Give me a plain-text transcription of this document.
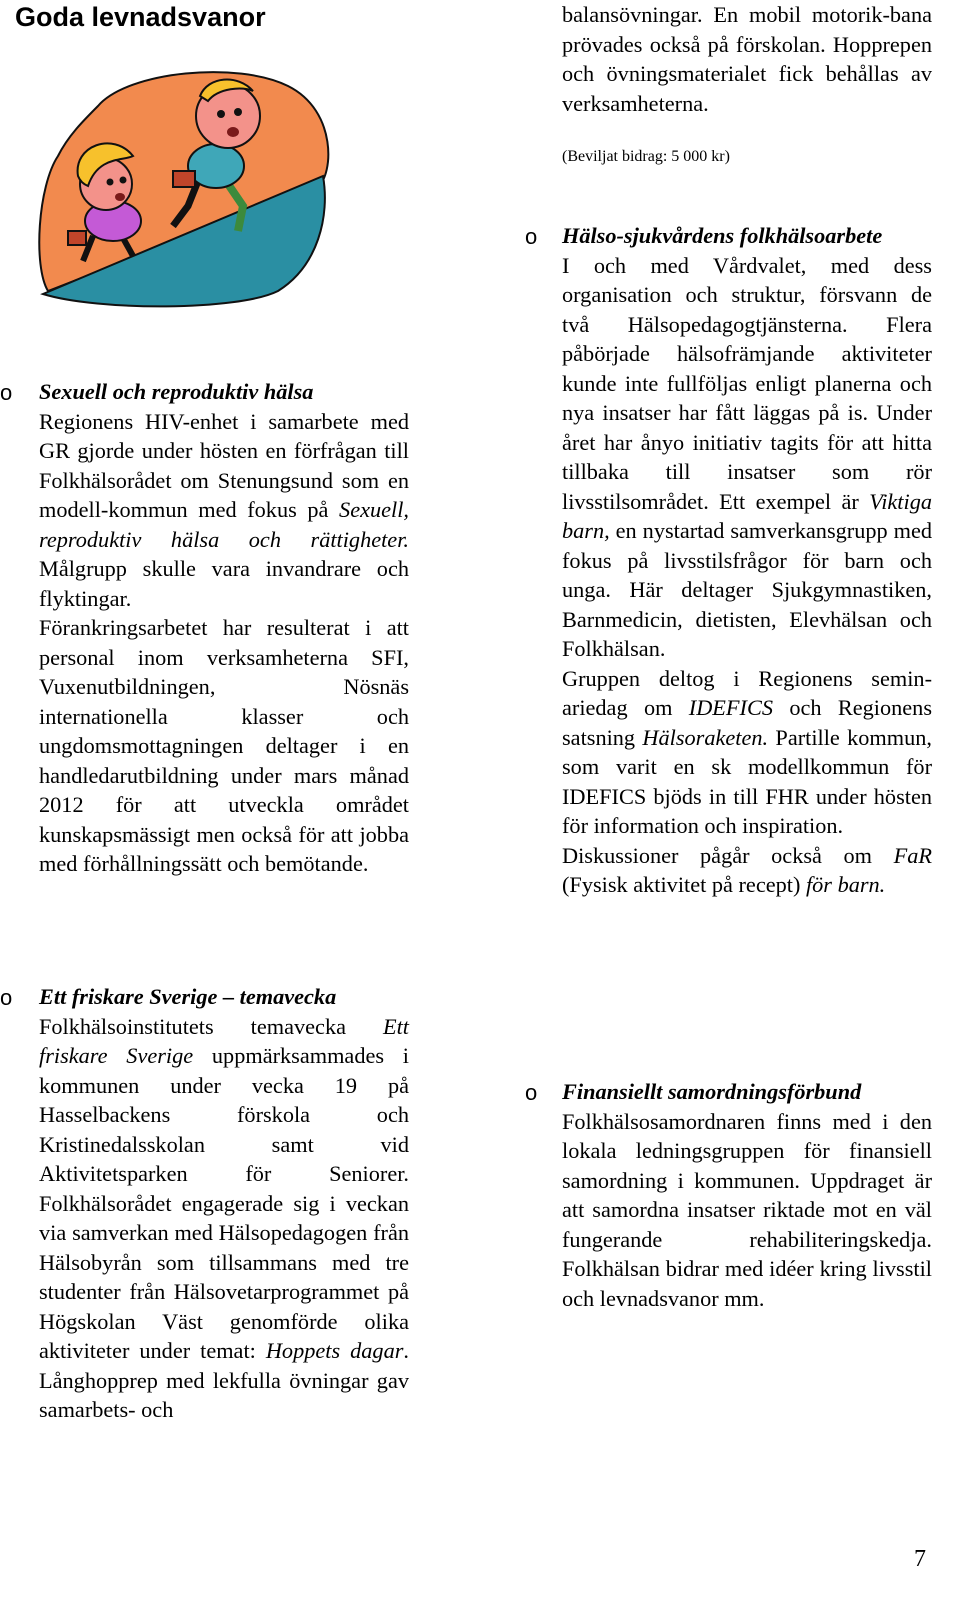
Goda levnadsvanor
o Sexuell och reproduktiv hälsa

Regionens HIV-enhet i samarbete med GR gjorde under hösten en förfrågan till Folkhälsorådet om Stenungsund som en modell-kommun med fokus på Sexuell, reproduktiv hälsa och rättigheter. Målgrupp skulle vara invandrare och flyktingar.

Förankringsarbetet har resulterat i att personal inom verksamheterna SFI, Vuxenutbildningen, Nösnäs internationella klasser och ungdomsmottagningen deltager i en handledarutbildning under mars månad 2012 för att utveckla området kunskapsmässigt men också för att jobba med förhållningssätt och bemötande.

o Ett friskare Sverige – temavecka

Folkhälsoinstitutets temavecka Ett friskare Sverige uppmärksammades i kommunen under vecka 19 på Hasselbackens förskola och Kristinedalsskolan samt vid Aktivitetsparken för Seniorer. Folkhälsorådet engagerade sig i veckan via samverkan med Hälsopedagogen från Hälsobyrån som tillsammans med tre studenter från Hälsovetarprogrammet på Högskolan Väst genomförde olika aktiviteter under temat: Hoppets dagar. Långhopprep med lekfulla övningar gav samarbets- och

balansövningar. En mobil motorik-bana prövades också på förskolan. Hopprepen och övningsmaterialet fick behållas av verksamheterna.

(Beviljat bidrag: 5 000 kr)
o Hälso-sjukvårdens folkhälsoarbete

I och med Vårdvalet, med dess organisation och struktur, försvann de två Hälsopedagogtjänsterna. Flera påbörjade hälsofrämjande aktiviteter kunde inte fullföljas enligt planerna och nya insatser har fått läggas på is. Under året har ånyo initiativ tagits för att hitta tillbaka till insatser som rör livsstilsområdet. Ett exempel är Viktiga barn, en nystartad samverkansgrupp med fokus på livsstilsfrågor för barn och unga. Här deltager Sjukgymnastiken, Barnmedicin, dietisten, Elevhälsan och Folkhälsan.

Gruppen deltog i Regionens semin-ariedag om IDEFICS och Regionens satsning Hälsoraketen. Partille kommun, som varit en sk modellkommun för IDEFICS bjöds in till FHR under hösten för information och inspiration.

Diskussioner pågår också om FaR (Fysisk aktivitet på recept) för barn.

o Finansiellt samordningsförbund

Folkhälsosamordnaren finns med i den lokala ledningsgruppen för finansiell samordning i kommunen. Uppdraget är att samordna insatser riktade mot en väl fungerande rehabiliteringskedja. Folkhälsan bidrar med idéer kring livsstil och levnadsvanor mm.

7
